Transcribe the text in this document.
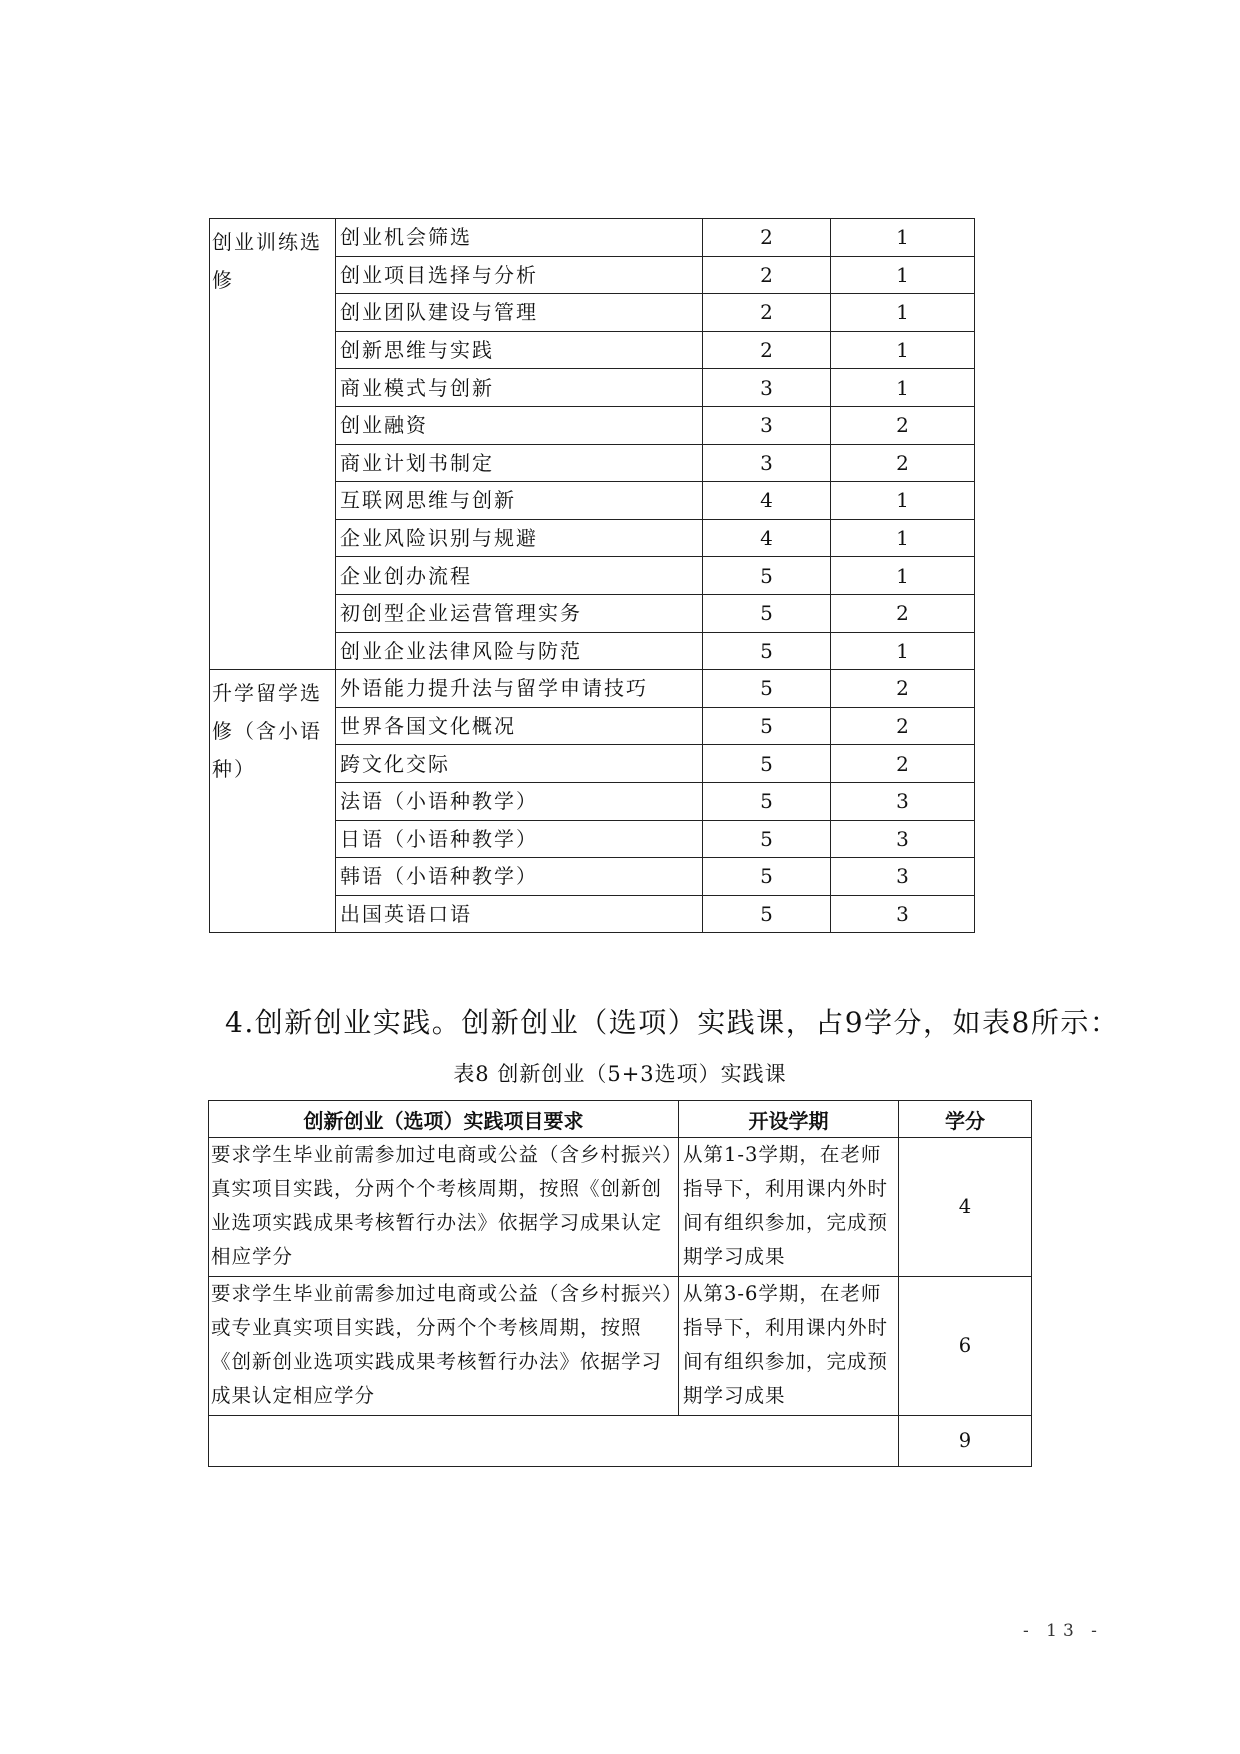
创业训练选修	创业机会筛选	2	1
	创业项目选择与分析	2	1
	创业团队建设与管理	2	1
	创新思维与实践	2	1
	商业模式与创新	3	1
	创业融资	3	2
	商业计划书制定	3	2
	互联网思维与创新	4	1
	企业风险识别与规避	4	1
	企业创办流程	5	1
	初创型企业运营管理实务	5	2
	创业企业法律风险与防范	5	1
升学留学选修（含小语种）	外语能力提升法与留学申请技巧	5	2
	世界各国文化概况	5	2
	跨文化交际	5	2
	法语（小语种教学）	5	3
	日语（小语种教学）	5	3
	韩语（小语种教学）	5	3
	出国英语口语	5	3
4.创新创业实践。创新创业（选项）实践课，占9学分，如表8所示：
表8 创新创业（5+3选项）实践课
创新创业（选项）实践项目要求	开设学期	学分
要求学生毕业前需参加过电商或公益（含乡村振兴）真实项目实践，分两个个考核周期，按照《创新创业选项实践成果考核暂行办法》依据学习成果认定相应学分	从第1-3学期，在老师指导下，利用课内外时间有组织参加，完成预期学习成果	4
要求学生毕业前需参加过电商或公益（含乡村振兴）或专业真实项目实践，分两个个考核周期，按照《创新创业选项实践成果考核暂行办法》依据学习成果认定相应学分	从第3-6学期，在老师指导下，利用课内外时间有组织参加，完成预期学习成果	6
		9
- 13 -
